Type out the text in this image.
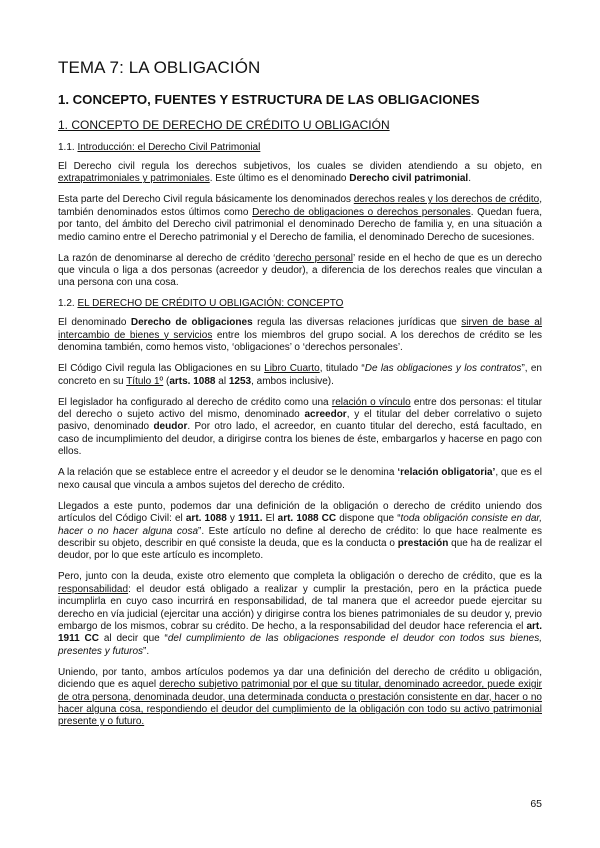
TEMA 7: LA OBLIGACIÓN
1. CONCEPTO, FUENTES Y ESTRUCTURA DE LAS OBLIGACIONES
1. CONCEPTO DE DERECHO DE CRÉDITO U OBLIGACIÓN
1.1. Introducción: el Derecho Civil Patrimonial

El Derecho civil regula los derechos subjetivos, los cuales se dividen atendiendo a su objeto, en extrapatrimoniales y patrimoniales. Este último es el denominado Derecho civil patrimonial.

Esta parte del Derecho Civil regula básicamente los denominados derechos reales y los derechos de crédito, también denominados estos últimos como Derecho de obligaciones o derechos personales. Quedan fuera, por tanto, del ámbito del Derecho civil patrimonial el denominado Derecho de familia y, en una situación a medio camino entre el Derecho patrimonial y el Derecho de familia, el denominado Derecho de sucesiones.

La razón de denominarse al derecho de crédito ‘derecho personal’ reside en el hecho de que es un derecho que vincula o liga a dos personas (acreedor y deudor), a diferencia de los derechos reales que vinculan a una persona con una cosa.

1.2. EL DERECHO DE CRÉDITO U OBLIGACIÓN: CONCEPTO

El denominado Derecho de obligaciones regula las diversas relaciones jurídicas que sirven de base al intercambio de bienes y servicios entre los miembros del grupo social. A los derechos de crédito se les denomina también, como hemos visto, ‘obligaciones’ o ‘derechos personales’.

El Código Civil regula las Obligaciones en su Libro Cuarto, titulado “De las obligaciones y los contratos”, en concreto en su Título 1º (arts. 1088 al 1253, ambos inclusive).

El legislador ha configurado al derecho de crédito como una relación o vínculo entre dos personas: el titular del derecho o sujeto activo del mismo, denominado acreedor, y el titular del deber correlativo o sujeto pasivo, denominado deudor. Por otro lado, el acreedor, en cuanto titular del derecho, está facultado, en caso de incumplimiento del deudor, a dirigirse contra los bienes de éste, embargarlos y hacerse en pago con ellos.

A la relación que se establece entre el acreedor y el deudor se le denomina ‘relación obligatoria’, que es el nexo causal que vincula a ambos sujetos del derecho de crédito.

Llegados a este punto, podemos dar una definición de la obligación o derecho de crédito uniendo dos artículos del Código Civil: el art. 1088 y 1911. El art. 1088 CC dispone que “toda obligación consiste en dar, hacer o no hacer alguna cosa”. Este artículo no define al derecho de crédito: lo que hace realmente es describir su objeto, describir en qué consiste la deuda, que es la conducta o prestación que ha de realizar el deudor, por lo que este artículo es incompleto.

Pero, junto con la deuda, existe otro elemento que completa la obligación o derecho de crédito, que es la responsabilidad: el deudor está obligado a realizar y cumplir la prestación, pero en la práctica puede incumplirla en cuyo caso incurrirá en responsabilidad, de tal manera que el acreedor puede ejercitar su derecho en vía judicial (ejercitar una acción) y dirigirse contra los bienes patrimoniales de su deudor y, previo embargo de los mismos, cobrar su crédito. De hecho, a la responsabilidad del deudor hace referencia el art. 1911 CC al decir que “del cumplimiento de las obligaciones responde el deudor con todos sus bienes, presentes y futuros”.

Uniendo, por tanto, ambos artículos podemos ya dar una definición del derecho de crédito u obligación, diciendo que es aquel derecho subjetivo patrimonial por el que su titular, denominado acreedor, puede exigir de otra persona, denominada deudor, una determinada conducta o prestación consistente en dar, hacer o no hacer alguna cosa, respondiendo el deudor del cumplimiento de la obligación con todo su activo patrimonial presente y o futuro.

65
